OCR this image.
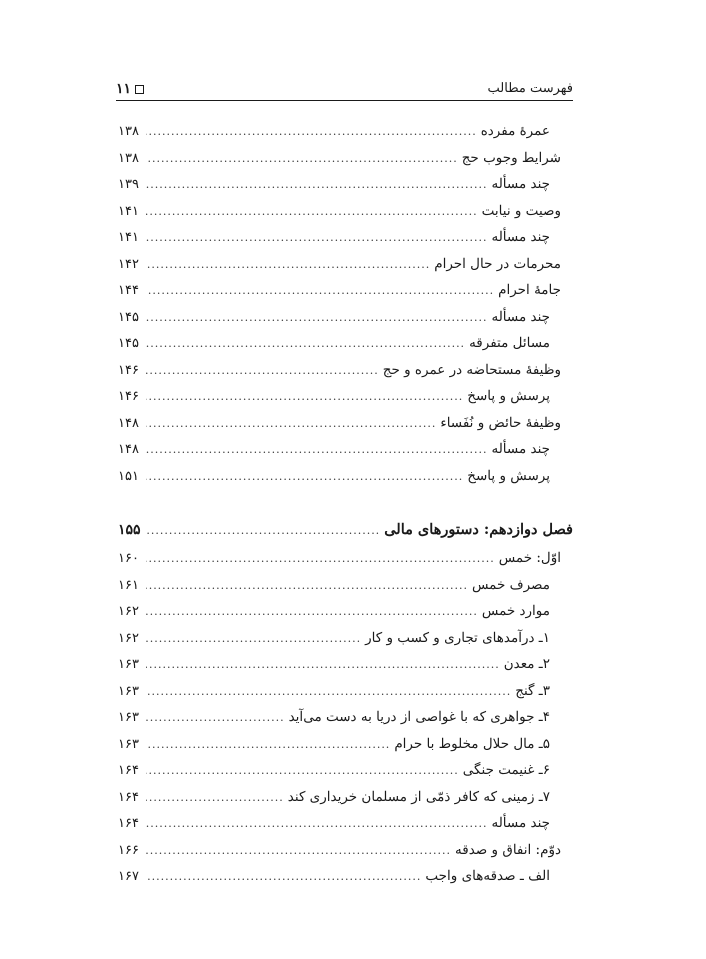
فهرست مطالب
۱۱
عمرۀ مفرده
.....
۱۳۸
شرایط وجوب حج
.....
۱۳۸
چند مسأله
.....
۱۳۹
وصیت و نیابت
.....
۱۴۱
چند مسأله
.....
۱۴۱
محرمات در حال احرام
.....
۱۴۲
جامۀ احرام
.....
۱۴۴
چند مسأله
.....
۱۴۵
مسائل متفرقه
.....
۱۴۵
وظیفۀ مستحاضه در عمره و حج
.....
۱۴۶
پرسش و پاسخ
.....
۱۴۶
وظیفۀ حائض و نُفَساء
.....
۱۴۸
چند مسأله
.....
۱۴۸
پرسش و پاسخ
.....
۱۵۱
فصل دوازدهم: دستورهای مالی
.....
۱۵۵
اوّل: خمس
.....
۱۶۰
مصرف خمس
.....
۱۶۱
موارد خمس
.....
۱۶۲
۱ـ درآمدهای تجاری و کسب و کار
.....
۱۶۲
۲ـ معدن
.....
۱۶۳
۳ـ گنج
.....
۱۶۳
۴ـ جواهری که با غواصی از دریا به دست می‌آید
.....
۱۶۳
۵ـ مال حلال مخلوط با حرام
.....
۱۶۳
۶ـ غنیمت جنگی
.....
۱۶۴
۷ـ زمینی که کافر ذمّی از مسلمان خریداری کند
.....
۱۶۴
چند مسأله
.....
۱۶۴
دوّم: انفاق و صدقه
.....
۱۶۶
الف ـ صدقه‌های واجب
.....
۱۶۷
